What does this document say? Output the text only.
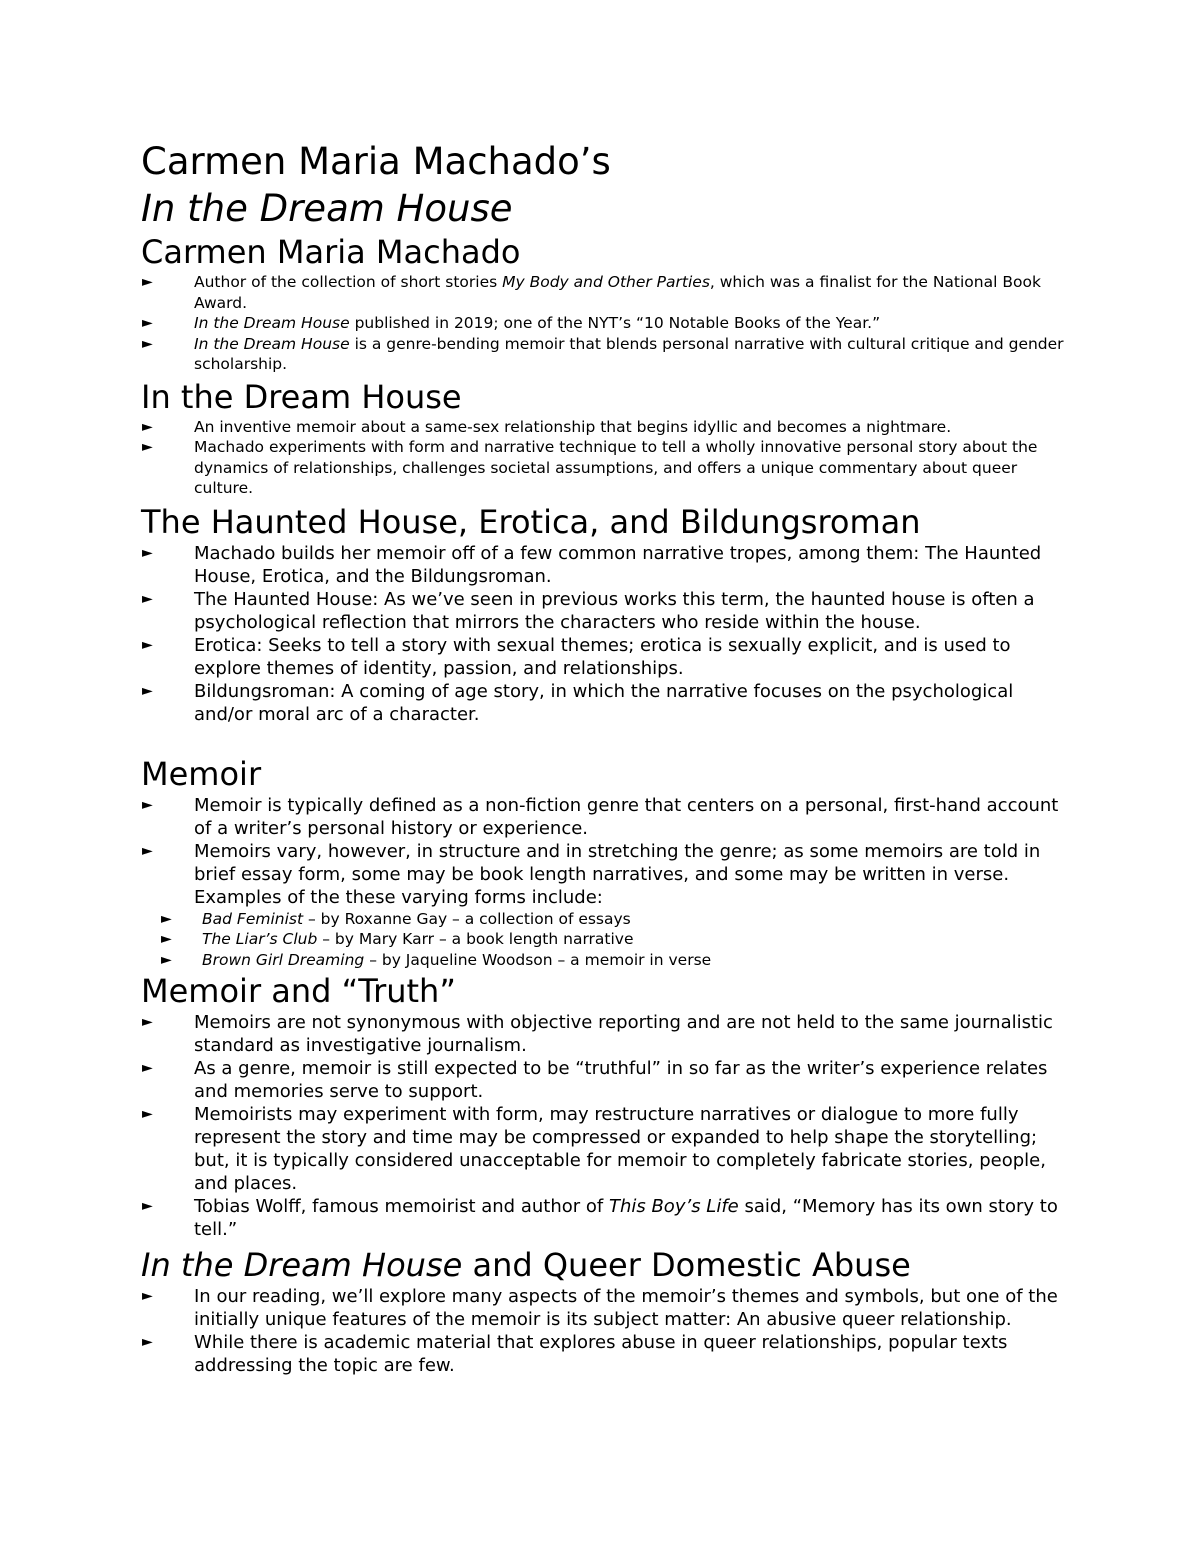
Carmen Maria Machado’s
In the Dream House
Carmen Maria Machado
►	Author of the collection of short stories My Body and Other Parties, which was a finalist for the National Book Award.
►	In the Dream House published in 2019; one of the NYT’s “10 Notable Books of the Year.”
►	In the Dream House is a genre-bending memoir that blends personal narrative with cultural critique and gender scholarship.
In the Dream House
►	An inventive memoir about a same-sex relationship that begins idyllic and becomes a nightmare.
►	Machado experiments with form and narrative technique to tell a wholly innovative personal story about the dynamics of relationships, challenges societal assumptions, and offers a unique commentary about queer culture.
The Haunted House, Erotica, and Bildungsroman
► Machado builds her memoir off of a few common narrative tropes, among them: The Haunted House, Erotica, and the Bildungsroman.
► The Haunted House: As we’ve seen in previous works this term, the haunted house is often a psychological reflection that mirrors the characters who reside within the house.
► Erotica: Seeks to tell a story with sexual themes; erotica is sexually explicit, and is used to explore themes of identity, passion, and relationships.
► Bildungsroman: A coming of age story, in which the narrative focuses on the psychological and/or moral arc of a character.
Memoir
► Memoir is typically defined as a non-fiction genre that centers on a personal, first-hand account of a writer’s personal history or experience.
► Memoirs vary, however, in structure and in stretching the genre; as some memoirs are told in brief essay form, some may be book length narratives, and some may be written in verse. Examples of the these varying forms include:
► Bad Feminist – by Roxanne Gay – a collection of essays
► The Liar’s Club – by Mary Karr – a book length narrative
► Brown Girl Dreaming – by Jaqueline Woodson – a memoir in verse
Memoir and “Truth”
► Memoirs are not synonymous with objective reporting and are not held to the same journalistic standard as investigative journalism.
► As a genre, memoir is still expected to be “truthful” in so far as the writer’s experience relates and memories serve to support.
► Memoirists may experiment with form, may restructure narratives or dialogue to more fully represent the story and time may be compressed or expanded to help shape the storytelling; but, it is typically considered unacceptable for memoir to completely fabricate stories, people, and places.
► Tobias Wolff, famous memoirist and author of This Boy’s Life said, “Memory has its own story to tell.”
In the Dream House and Queer Domestic Abuse
► In our reading, we’ll explore many aspects of the memoir’s themes and symbols, but one of the initially unique features of the memoir is its subject matter: An abusive queer relationship.
► While there is academic material that explores abuse in queer relationships, popular texts addressing the topic are few.
